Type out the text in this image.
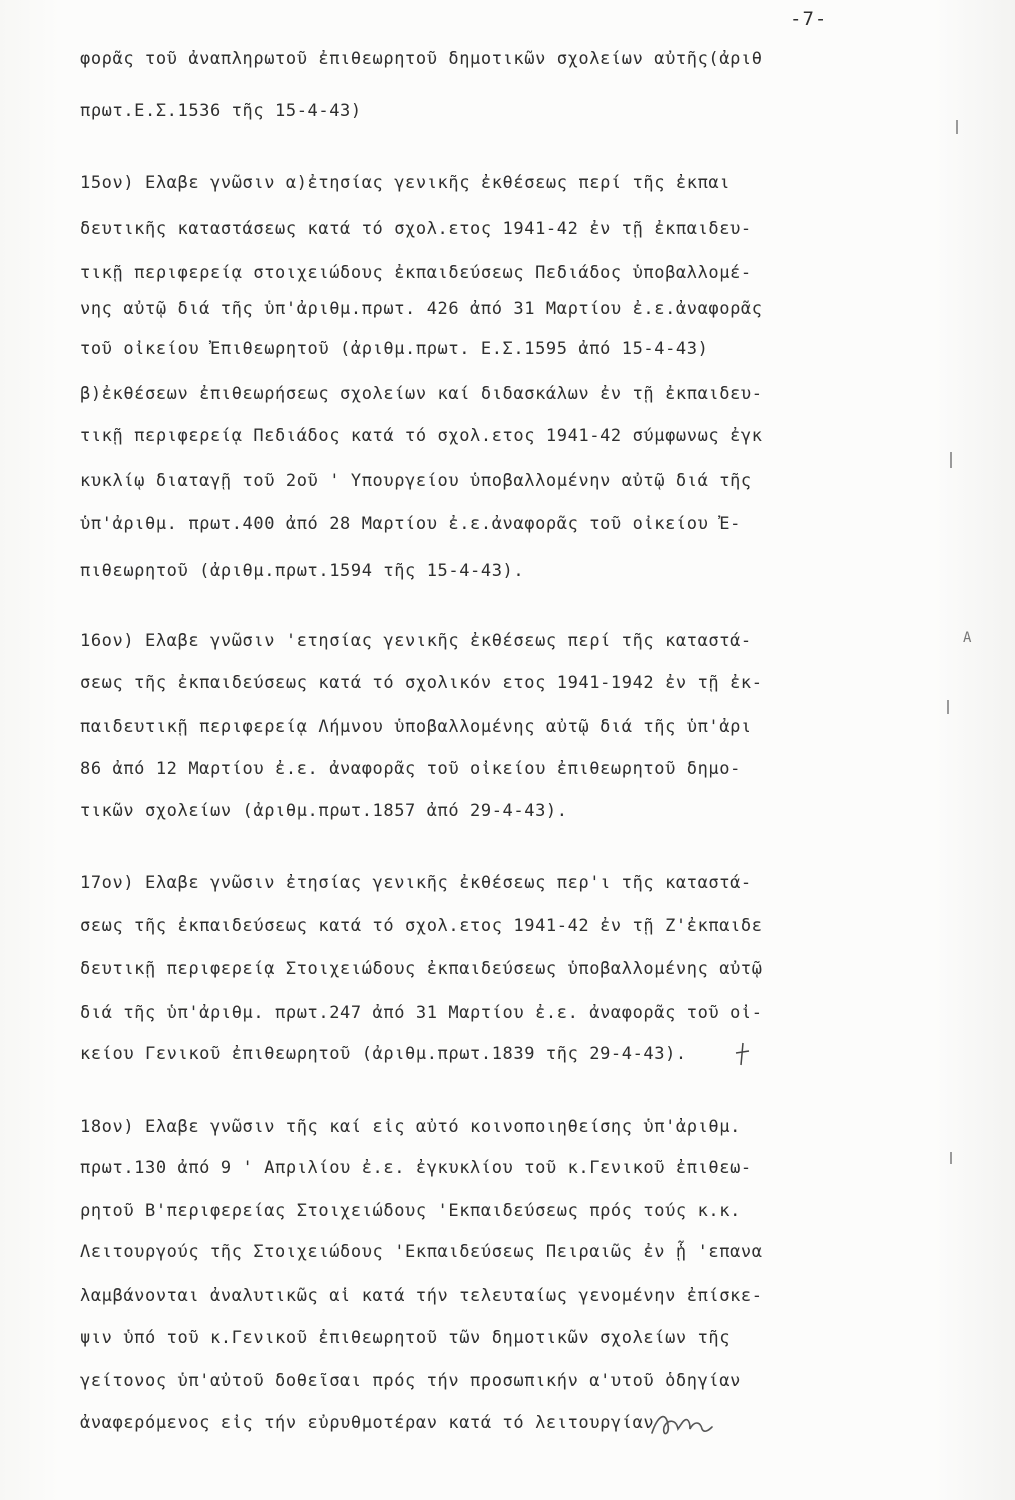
-7-
φορᾶς τοῦ ἀναπληρωτοῦ ἐπιθεωρητοῦ δημοτικῶν σχολείων αὐτῆς(ἀριθ
πρωτ.Ε.Σ.1536 τῆς 15-4-43)
15ον) Ελαβε γνῶσιν α)ἐτησίας γενικῆς ἐκθέσεως περί τῆς ἐκπαι
δευτικῆς καταστάσεως κατά τό σχολ.ετος 1941-42 ἐν τῇ ἐκπαιδευ-
τικῇ περιφερείᾳ στοιχειώδους ἐκπαιδεύσεως Πεδιάδος ὑποβαλλομέ-
νης αὐτῷ διά τῆς ὑπ'ἀριθμ.πρωτ. 426 ἀπό 31 Μαρτίου ἐ.ε.ἀναφορᾶς
τοῦ οἰκείου Ἐπιθεωρητοῦ (ἀριθμ.πρωτ. Ε.Σ.1595 ἀπό 15-4-43)
β)ἐκθέσεων ἐπιθεωρήσεως σχολείων καί διδασκάλων ἐν τῇ ἐκπαιδευ-
τικῇ περιφερείᾳ Πεδιάδος κατά τό σχολ.ετος 1941-42 σύμφωνως ἐγκ
κυκλίῳ διαταγῇ τοῦ 2οῦ ' Υπουργείου ὑποβαλλομένην αὐτῷ διά τῆς
ὑπ'ἀριθμ. πρωτ.400 ἀπό 28 Μαρτίου ἐ.ε.ἀναφορᾶς τοῦ οἰκείου Ἐ-
πιθεωρητοῦ (ἀριθμ.πρωτ.1594 τῆς 15-4-43).
16ον) Ελαβε γνῶσιν 'ετησίας γενικῆς ἐκθέσεως περί τῆς καταστά-
σεως τῆς ἐκπαιδεύσεως κατά τό σχολικόν ετος 1941-1942 ἐν τῇ ἐκ-
παιδευτικῇ περιφερείᾳ Λήμνου ὑποβαλλομένης αὐτῷ διά τῆς ὑπ'ἀρι
86 ἀπό 12 Μαρτίου ἐ.ε. ἀναφορᾶς τοῦ οἰκείου ἐπιθεωρητοῦ δημο-
τικῶν σχολείων (ἀριθμ.πρωτ.1857 ἀπό 29-4-43).
17ον) Ελαβε γνῶσιν ἐτησίας γενικῆς ἐκθέσεως περ'ι τῆς καταστά-
σεως τῆς ἐκπαιδεύσεως κατά τό σχολ.ετος 1941-42 ἐν τῇ Ζ'ἐκπαιδε
δευτικῇ περιφερείᾳ Στοιχειώδους ἐκπαιδεύσεως ὑποβαλλομένης αὐτῷ
διά τῆς ὑπ'ἀριθμ. πρωτ.247 ἀπό 31 Μαρτίου ἐ.ε. ἀναφορᾶς τοῦ οἰ-
κείου Γενικοῦ ἐπιθεωρητοῦ (ἀριθμ.πρωτ.1839 τῆς 29-4-43).
18ον) Ελαβε γνῶσιν τῆς καί εἰς αὐτό κοινοποιηθείσης ὑπ'ἀριθμ.
πρωτ.130 ἀπό 9 ' Απριλίου ἐ.ε. ἐγκυκλίου τοῦ κ.Γενικοῦ ἐπιθεω-
ρητοῦ Β'περιφερείας Στοιχειώδους 'Εκπαιδεύσεως πρός τούς κ.κ.
Λειτουργούς τῆς Στοιχειώδους 'Εκπαιδεύσεως Πειραιῶς ἐν ᾗ 'επανα
λαμβάνονται ἀναλυτικῶς αἱ κατά τήν τελευταίως γενομένην ἐπίσκε-
ψιν ὑπό τοῦ κ.Γενικοῦ ἐπιθεωρητοῦ τῶν δημοτικῶν σχολείων τῆς
γείτονος ὑπ'αὐτοῦ δοθεῖσαι πρός τήν προσωπικήν α'υτοῦ ὁδηγίαν
ἀναφερόμενος εἰς τήν εὐρυθμοτέραν κατά τό λειτουργίαν
A
